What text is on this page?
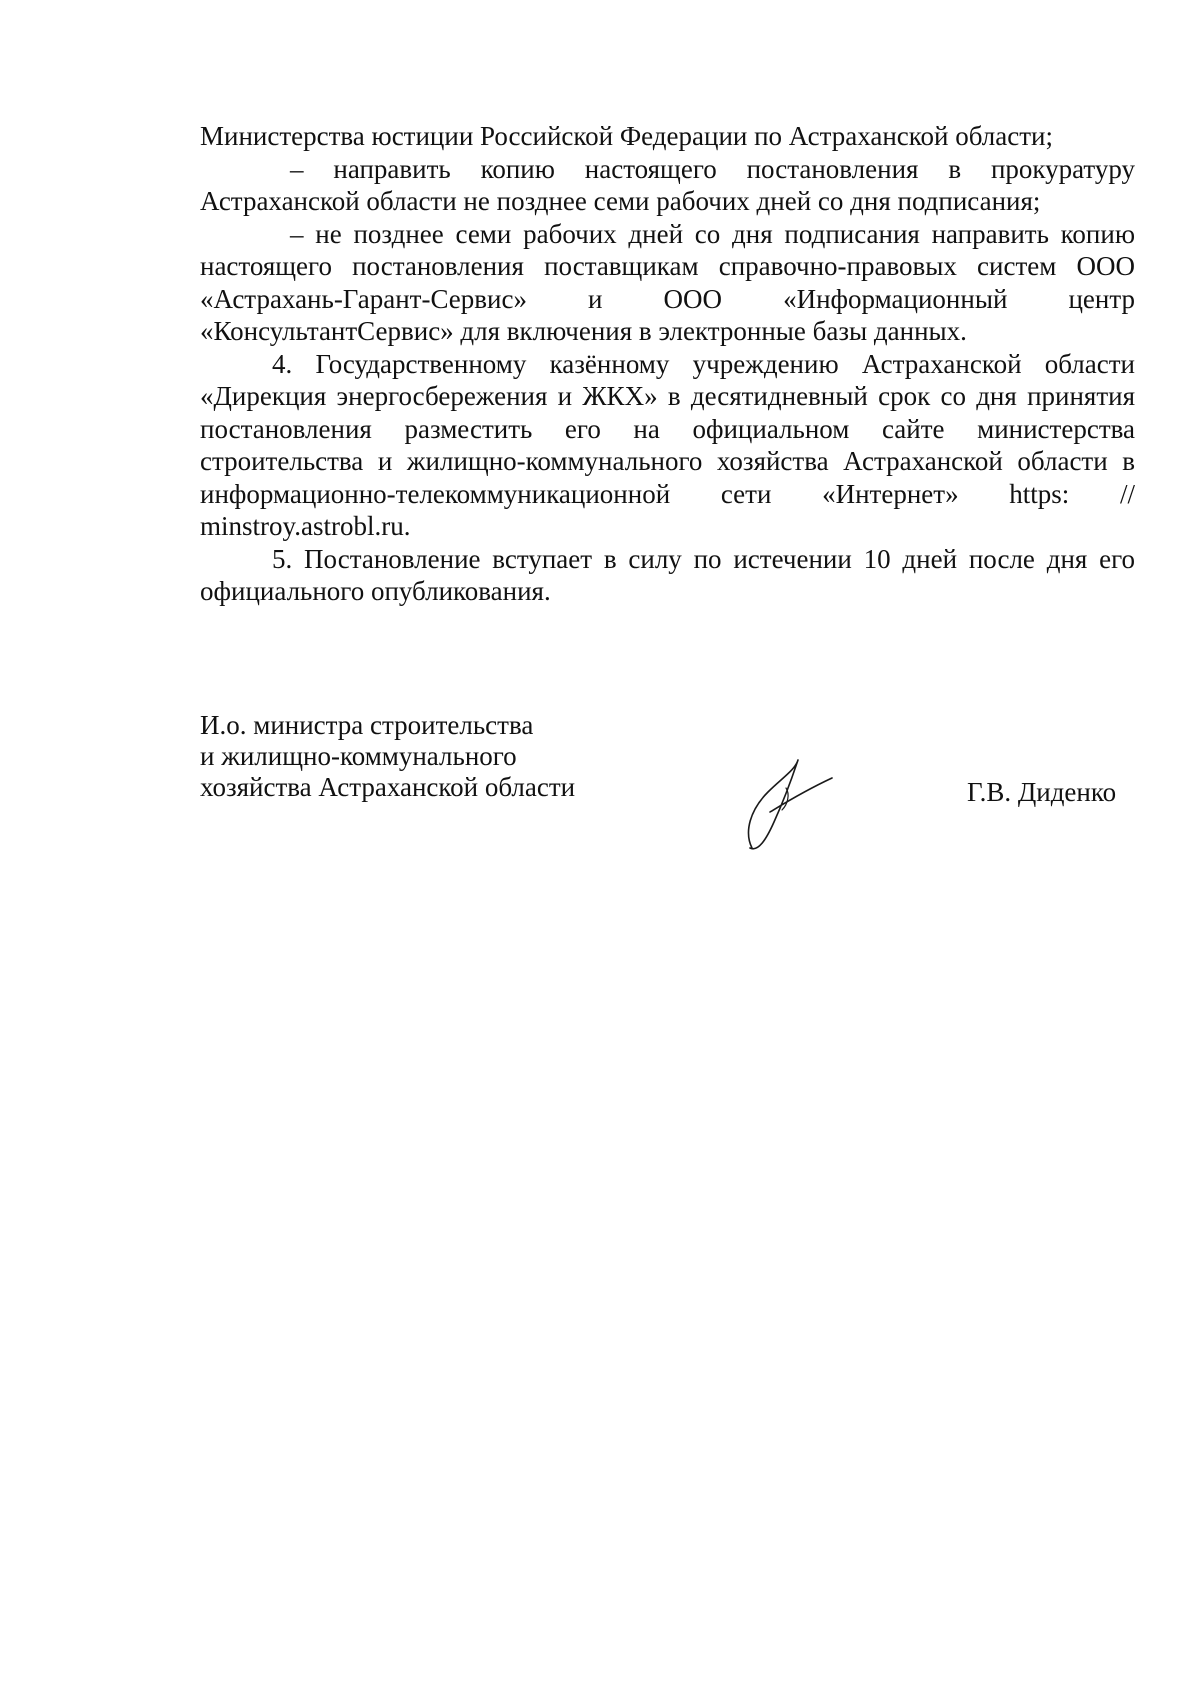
Министерства юстиции Российской Федерации по Астраханской области;

– направить копию настоящего постановления в прокуратуру Астраханской области не позднее семи рабочих дней со дня подписания;

– не позднее семи рабочих дней со дня подписания направить копию настоящего постановления поставщикам справочно-правовых систем ООО «Астрахань-Гарант-Сервис» и ООО «Информационный центр «КонсультантСервис» для включения в электронные базы данных.

4. Государственному казённому учреждению Астраханской области «Дирекция энергосбережения и ЖКХ» в десятидневный срок со дня принятия постановления разместить его на официальном сайте министерства строительства и жилищно-коммунального хозяйства Астраханской области в информационно-телекоммуникационной сети «Интернет» https: // minstroy.astrobl.ru.

5. Постановление вступает в силу по истечении 10 дней после дня его официального опубликования.

И.о. министра строительства
и жилищно-коммунального
хозяйства Астраханской области	Г.В. Диденко
